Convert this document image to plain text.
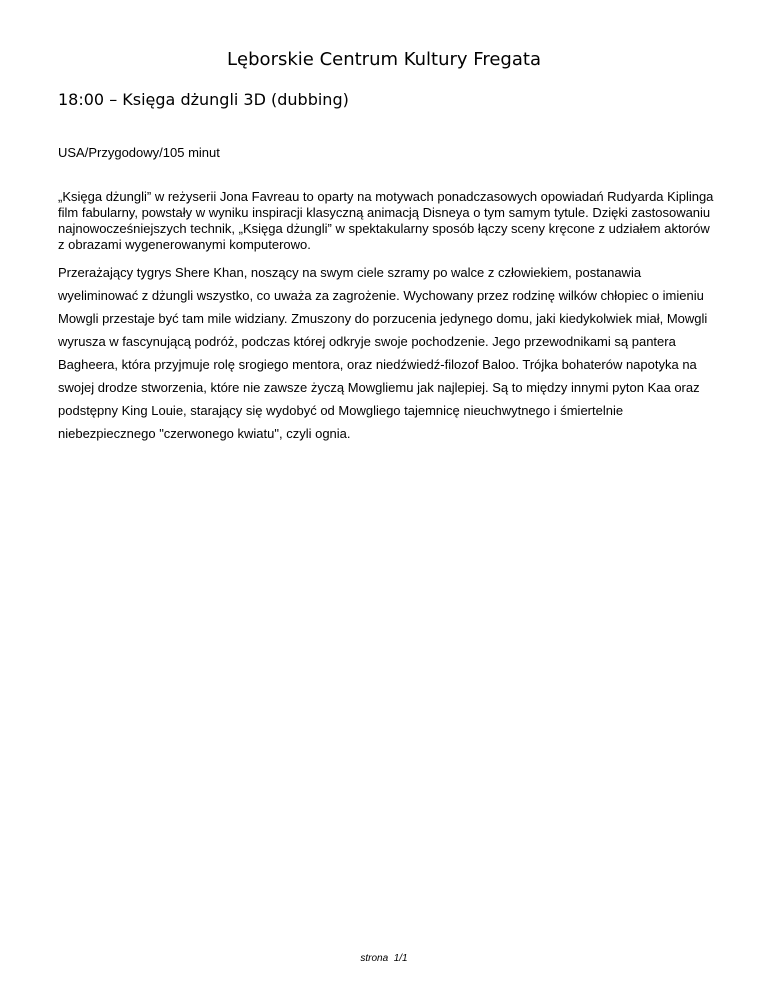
Lęborskie Centrum Kultury Fregata
18:00 – Księga dżungli 3D (dubbing)

USA/Przygodowy/105 minut

„Księga dżungli” w reżyserii Jona Favreau to oparty na motywach ponadczasowych opowiadań Rudyarda Kiplinga film fabularny, powstały w wyniku inspiracji klasyczną animacją Disneya o tym samym tytule. Dzięki zastosowaniu najnowocześniejszych technik, „Księga dżungli” w spektakularny sposób łączy sceny kręcone z udziałem aktorów z obrazami wygenerowanymi komputerowo.

Przerażający tygrys Shere Khan, noszący na swym ciele szramy po walce z człowiekiem, postanawia wyeliminować z dżungli wszystko, co uważa za zagrożenie. Wychowany przez rodzinę wilków chłopiec o imieniu Mowgli przestaje być tam mile widziany. Zmuszony do porzucenia jedynego domu, jaki kiedykolwiek miał, Mowgli wyrusza w fascynującą podróż, podczas której odkryje swoje pochodzenie. Jego przewodnikami są pantera Bagheera, która przyjmuje rolę srogiego mentora, oraz niedźwiedź-filozof Baloo. Trójka bohaterów napotyka na swojej drodze stworzenia, które nie zawsze życzą Mowgliemu jak najlepiej. Są to między innymi pyton Kaa oraz podstępny King Louie, starający się wydobyć od Mowgliego tajemnicę nieuchwytnego i śmiertelnie niebezpiecznego "czerwonego kwiatu", czyli ognia.

strona  1/1
